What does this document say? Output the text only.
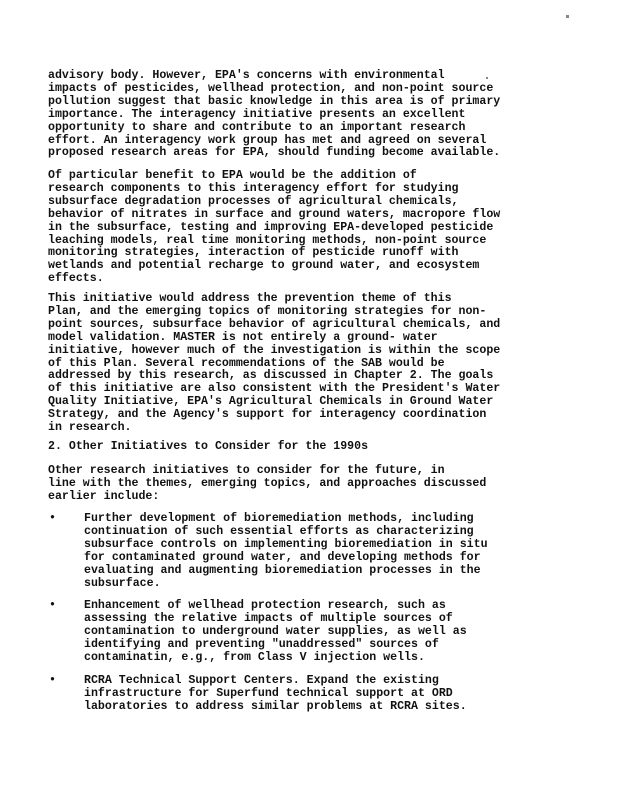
advisory body. However, EPA's concerns with environmental
impacts of pesticides, wellhead protection, and non-point source
pollution suggest that basic knowledge in this area is of primary
importance. The interagency initiative presents an excellent
opportunity to share and contribute to an important research
effort. An interagency work group has met and agreed on several
proposed research areas for EPA, should funding become available.

Of particular benefit to EPA would be the addition of
research components to this interagency effort for studying
subsurface degradation processes of agricultural chemicals,
behavior of nitrates in surface and ground waters, macropore flow
in the subsurface, testing and improving EPA-developed pesticide
leaching models, real time monitoring methods, non-point source
monitoring strategies, interaction of pesticide runoff with
wetlands and potential recharge to ground water, and ecosystem
effects.

This initiative would address the prevention theme of this
Plan, and the emerging topics of monitoring strategies for non-
point sources, subsurface behavior of agricultural chemicals, and
model validation. MASTER is not entirely a ground- water
initiative, however much of the investigation is within the scope
of this Plan. Several recommendations of the SAB would be
addressed by this research, as discussed in Chapter 2. The goals
of this initiative are also consistent with the President's Water
Quality Initiative, EPA's Agricultural Chemicals in Ground Water
Strategy, and the Agency's support for interagency coordination
in research.

2. Other Initiatives to Consider for the 1990s

Other research initiatives to consider for the future, in
line with the themes, emerging topics, and approaches discussed
earlier include:

• Further development of bioremediation methods, including
continuation of such essential efforts as characterizing
subsurface controls on implementing bioremediation in situ
for contaminated ground water, and developing methods for
evaluating and augmenting bioremediation processes in the
subsurface.

• Enhancement of wellhead protection research, such as
assessing the relative impacts of multiple sources of
contamination to underground water supplies, as well as
identifying and preventing "unaddressed" sources of
contaminatin, e.g., from Class V injection wells.

• RCRA Technical Support Centers. Expand the existing
infrastructure for Superfund technical support at ORD
laboratories to address similar problems at RCRA sites.
